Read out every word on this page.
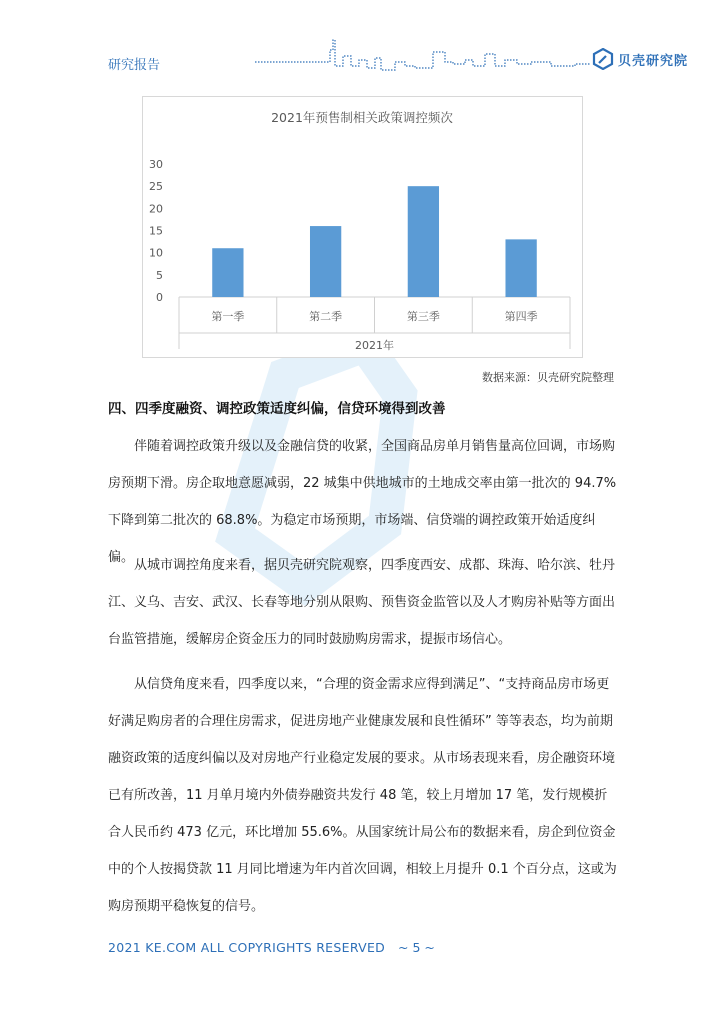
研究报告	贝壳研究院
2021年预售制相关政策调控频次
0
5
10
15
20
25
30
第一季	第二季	第三季	第四季
2021年
数据来源：贝壳研究院整理
四、四季度融资、调控政策适度纠偏，信贷环境得到改善
伴随着调控政策升级以及金融信贷的收紧，全国商品房单月销售量高位回调，市场购房预期下滑。房企取地意愿减弱，22 城集中供地城市的土地成交率由第一批次的 94.7%下降到第二批次的 68.8%。为稳定市场预期，市场端、信贷端的调控政策开始适度纠偏。
从城市调控角度来看，据贝壳研究院观察，四季度西安、成都、珠海、哈尔滨、牡丹江、义乌、吉安、武汉、长春等地分别从限购、预售资金监管以及人才购房补贴等方面出台监管措施，缓解房企资金压力的同时鼓励购房需求，提振市场信心。
从信贷角度来看，四季度以来，“合理的资金需求应得到满足”、“支持商品房市场更好满足购房者的合理住房需求，促进房地产业健康发展和良性循环” 等等表态，均为前期融资政策的适度纠偏以及对房地产行业稳定发展的要求。从市场表现来看，房企融资环境已有所改善，11 月单月境内外债券融资共发行 48 笔，较上月增加 17 笔，发行规模折合人民币约 473 亿元，环比增加 55.6%。从国家统计局公布的数据来看，房企到位资金中的个人按揭贷款 11 月同比增速为年内首次回调，相较上月提升 0.1 个百分点，这或为购房预期平稳恢复的信号。
2021 KE.COM ALL COPYRIGHTS RESERVED ~ 5 ~
